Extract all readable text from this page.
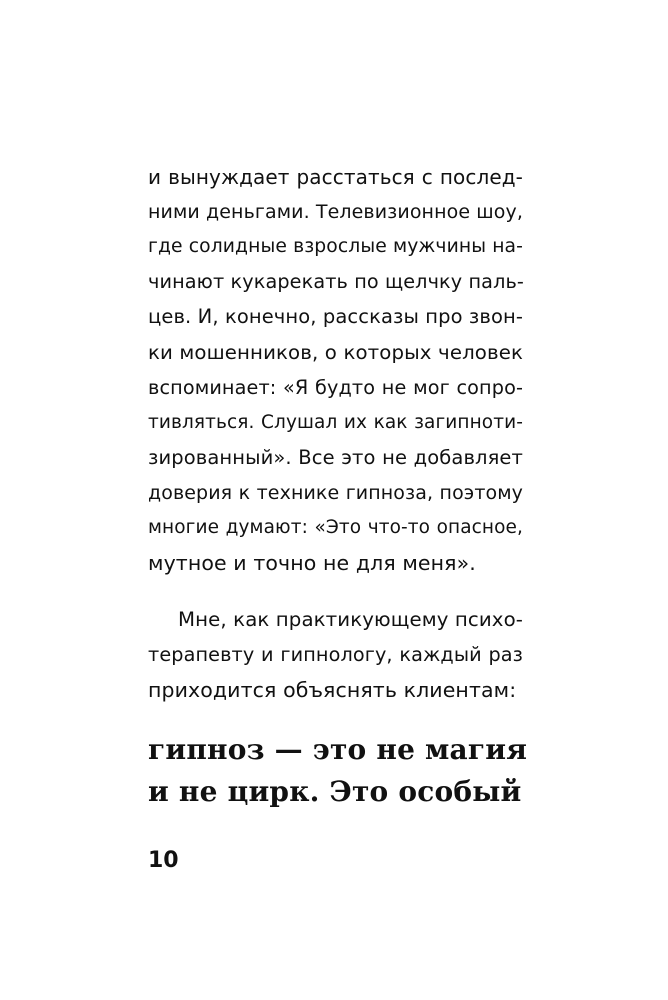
и вынуждает расстаться с послед-
ними деньгами. Телевизионное шоу,
где солидные взрослые мужчины на-
чинают кукарекать по щелчку паль-
цев. И, конечно, рассказы про звон-
ки мошенников, о которых человек
вспоминает: «Я будто не мог сопро-
тивляться. Слушал их как загипноти-
зированный». Все это не добавляет
доверия к технике гипноза, поэтому
многие думают: «Это что-то опасное,
мутное и точно не для меня».
Мне, как практикующему психо-
терапевту и гипнологу, каждый раз
приходится объяснять клиентам:
гипноз — это не магия
и не цирк. Это особый
10
